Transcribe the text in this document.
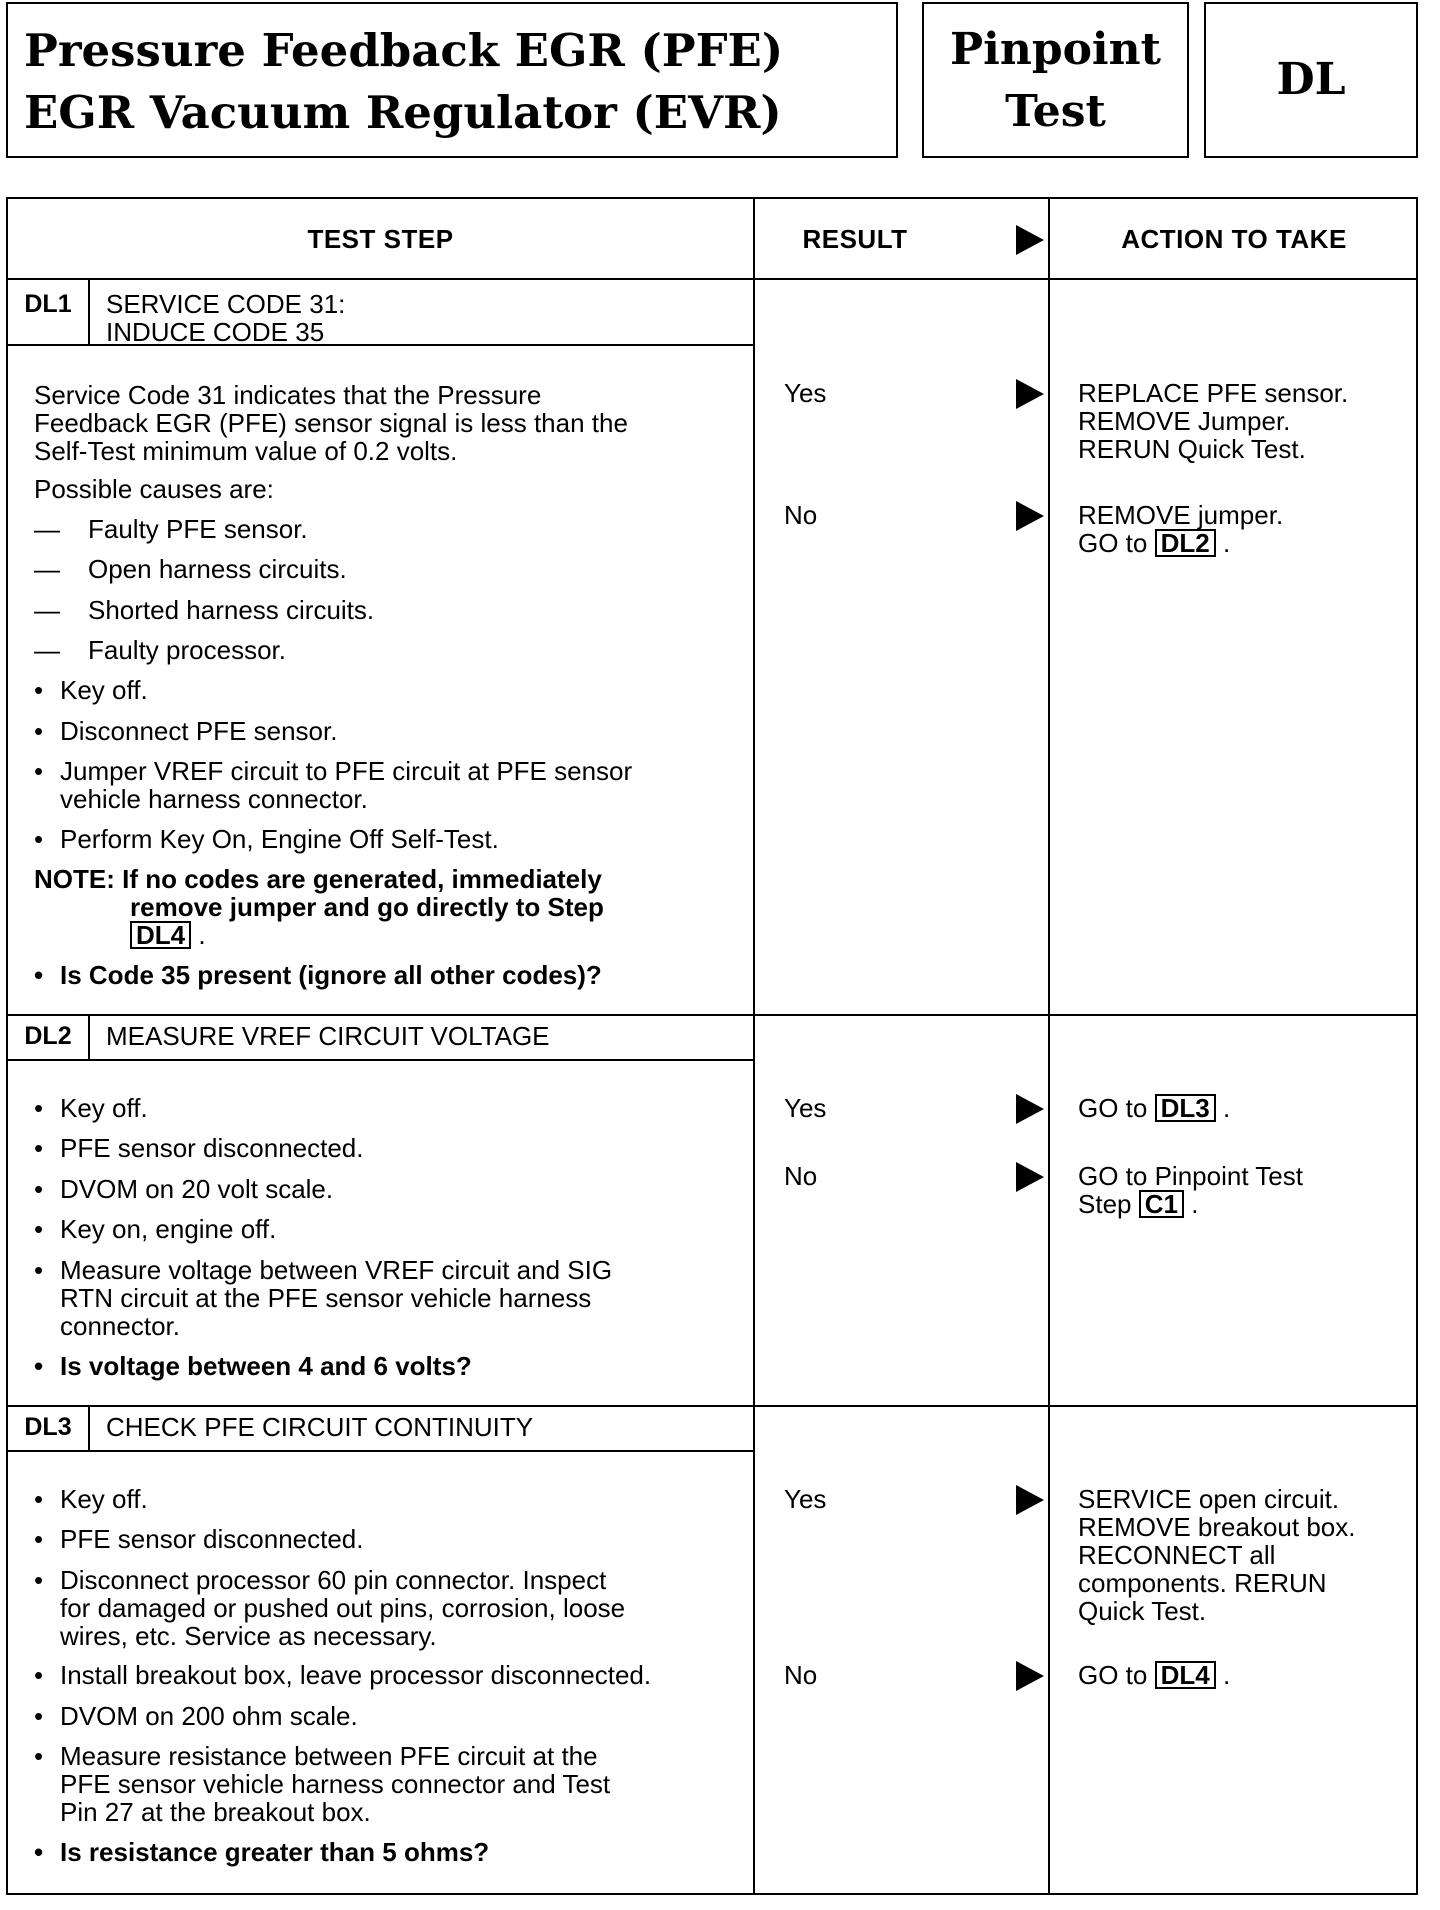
Pressure Feedback EGR (PFE)
EGR Vacuum Regulator (EVR)
Pinpoint
Test
DL
TEST STEP	RESULT	ACTION TO TAKE
DL1	SERVICE CODE 31:
INDUCE CODE 35
Service Code 31 indicates that the Pressure
Feedback EGR (PFE) sensor signal is less than the
Self-Test minimum value of 0.2 volts.
Possible causes are:
— Faulty PFE sensor.
— Open harness circuits.
— Shorted harness circuits.
— Faulty processor.
• Key off.
• Disconnect PFE sensor.
• Jumper VREF circuit to PFE circuit at PFE sensor
vehicle harness connector.
• Perform Key On, Engine Off Self-Test.
NOTE: If no codes are generated, immediately
remove jumper and go directly to Step
DL4 .
• Is Code 35 present (ignore all other codes)?
Yes	REPLACE PFE sensor.
REMOVE Jumper.
RERUN Quick Test.
No	REMOVE jumper.
GO to DL2 .
DL2	MEASURE VREF CIRCUIT VOLTAGE
• Key off.
• PFE sensor disconnected.
• DVOM on 20 volt scale.
• Key on, engine off.
• Measure voltage between VREF circuit and SIG
RTN circuit at the PFE sensor vehicle harness
connector.
• Is voltage between 4 and 6 volts?
Yes	GO to DL3 .
No	GO to Pinpoint Test
Step C1 .
DL3	CHECK PFE CIRCUIT CONTINUITY
• Key off.
• PFE sensor disconnected.
• Disconnect processor 60 pin connector. Inspect
for damaged or pushed out pins, corrosion, loose
wires, etc. Service as necessary.
• Install breakout box, leave processor disconnected.
• DVOM on 200 ohm scale.
• Measure resistance between PFE circuit at the
PFE sensor vehicle harness connector and Test
Pin 27 at the breakout box.
• Is resistance greater than 5 ohms?
Yes	SERVICE open circuit.
REMOVE breakout box.
RECONNECT all
components. RERUN
Quick Test.
No	GO to DL4 .
